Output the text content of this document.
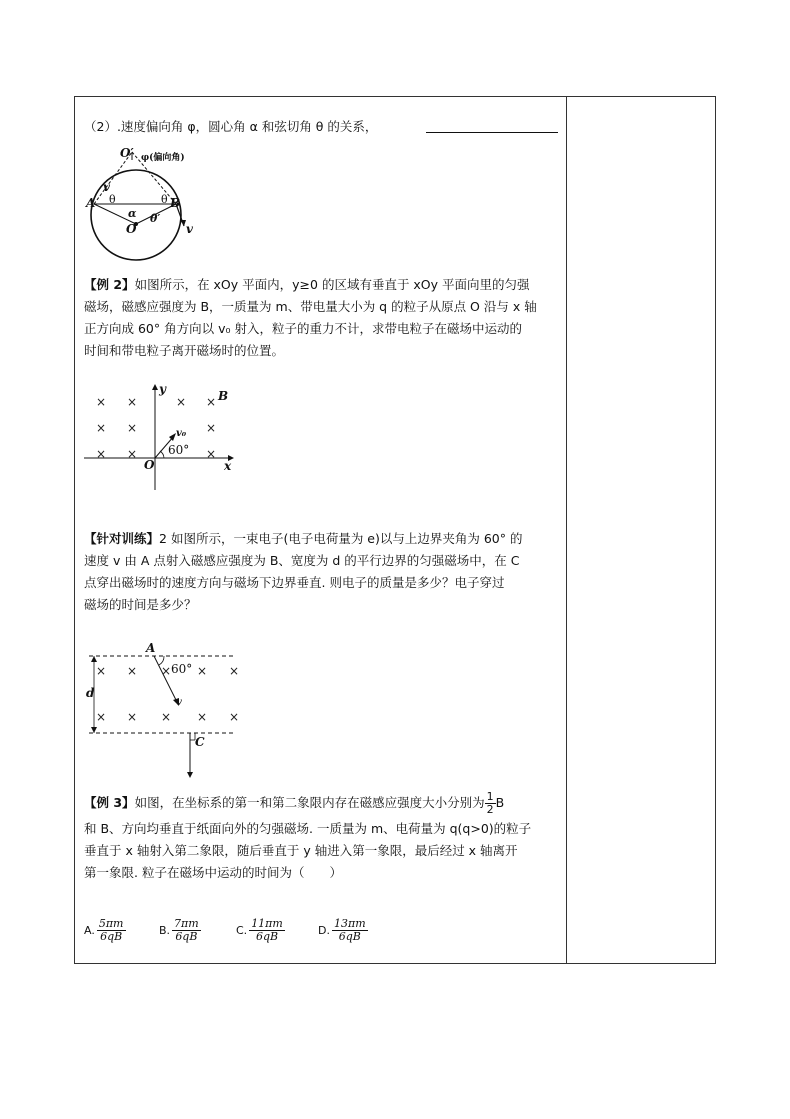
（2）.速度偏向角 φ，圆心角 α 和弦切角 θ 的关系，
O′ φ(偏向角)
v
A θ	θ B
α
O
θ′
v
【例 2】如图所示，在 xOy 平面内，y≥0 的区域有垂直于 xOy 平面向里的匀强
磁场，磁感应强度为 B，一质量为 m、带电量大小为 q 的粒子从原点 O 沿与 x 轴
正方向成 60° 角方向以 v₀ 射入，粒子的重力不计，求带电粒子在磁场中运动的
时间和带电粒子离开磁场时的位置。
× ×	× ×
× ×	×
× ×	×
y	B
v₀
60°
O	x
【针对训练】2 如图所示，一束电子(电子电荷量为 e)以与上边界夹角为 60° 的
速度 v 由 A 点射入磁感应强度为 B、宽度为 d 的平行边界的匀强磁场中，在 C
点穿出磁场时的速度方向与磁场下边界垂直. 则电子的质量是多少？电子穿过
磁场的时间是多少？
A
60°
d
v
C
× × × × ×
× × × × ×
【例 3】 如图，在坐标系的第一和第二象限内存在磁感应强度大小分别为 $\frac{1}{2}$ B
和 B、方向均垂直于纸面向外的匀强磁场. 一质量为 m、电荷量为 q(q>0)的粒子
垂直于 x 轴射入第二象限，随后垂直于 y 轴进入第一象限，最后经过 x 轴离开
第一象限. 粒子在磁场中运动的时间为（　　）
A. $\frac{5\pi m}{6qB}$	B. $\frac{7\pi m}{6qB}$	C. $\frac{11\pi m}{6qB}$	D. $\frac{13\pi m}{6qB}$
